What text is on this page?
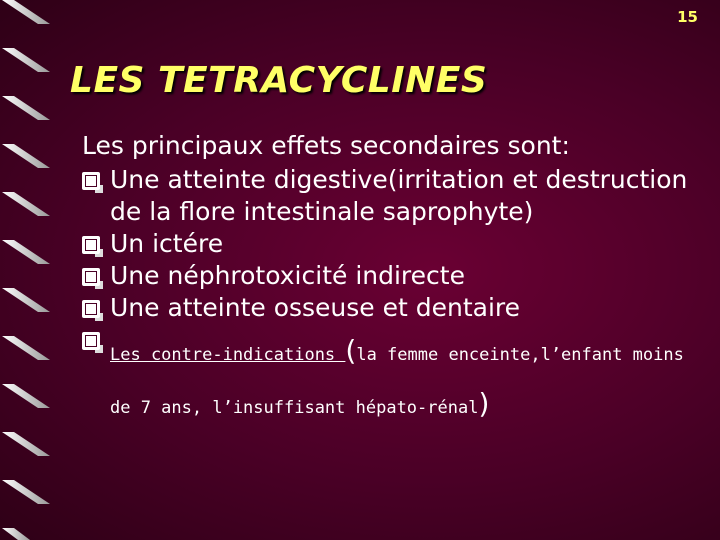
15
LES TETRACYCLINES
Les principaux effets secondaires sont:
Une atteinte digestive(irritation et destruction de la flore intestinale saprophyte)
Un ictére
Une néphrotoxicité indirecte
Une atteinte osseuse et dentaire
Les contre-indications (la femme enceinte,l’enfant moins de 7 ans, l’insuffisant hépato-rénal)
